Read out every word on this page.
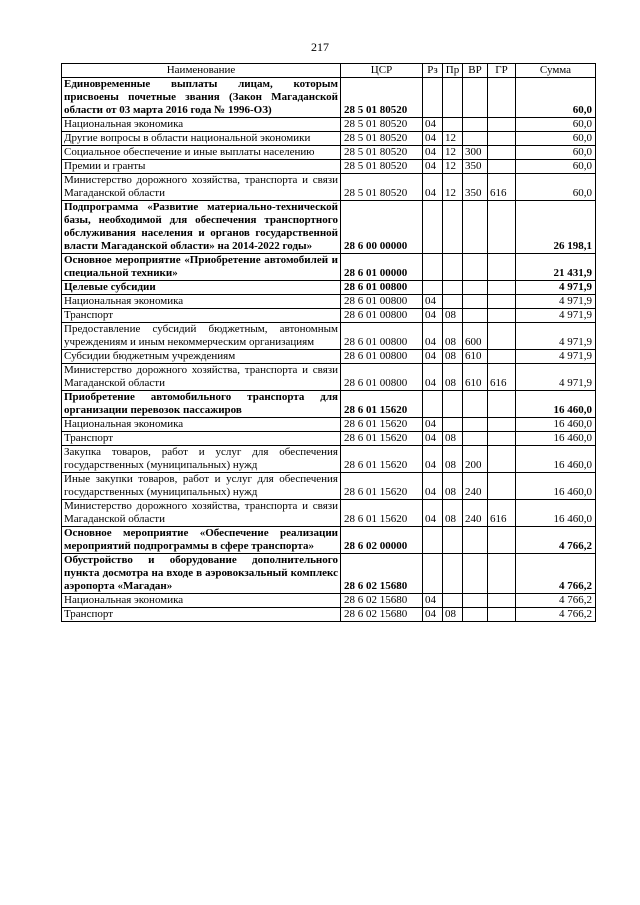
217
Наименование	ЦСР	Рз	Пр	ВР	ГР	Сумма
Единовременные выплаты лицам, которым присвоены почетные звания (Закон Магаданской области от 03 марта 2016 года № 1996-ОЗ)	28 5 01 80520					60,0
Национальная экономика	28 5 01 80520	04				60,0
Другие вопросы в области национальной экономики	28 5 01 80520	04	12			60,0
Социальное обеспечение и иные выплаты населению	28 5 01 80520	04	12	300		60,0
Премии и гранты	28 5 01 80520	04	12	350		60,0
Министерство дорожного хозяйства, транспорта и связи Магаданской области	28 5 01 80520	04	12	350	616	60,0
Подпрограмма «Развитие материально-технической базы, необходимой для обеспечения транспортного обслуживания населения и органов государственной власти Магаданской области» на 2014-2022 годы»	28 6 00 00000					26 198,1
Основное мероприятие «Приобретение автомобилей и специальной техники»	28 6 01 00000					21 431,9
Целевые субсидии	28 6 01 00800					4 971,9
Национальная экономика	28 6 01 00800	04				4 971,9
Транспорт	28 6 01 00800	04	08			4 971,9
Предоставление субсидий бюджетным, автономным учреждениям и иным некоммерческим организациям	28 6 01 00800	04	08	600		4 971,9
Субсидии бюджетным учреждениям	28 6 01 00800	04	08	610		4 971,9
Министерство дорожного хозяйства, транспорта и связи Магаданской области	28 6 01 00800	04	08	610	616	4 971,9
Приобретение автомобильного транспорта для организации перевозок пассажиров	28 6 01 15620					16 460,0
Национальная экономика	28 6 01 15620	04				16 460,0
Транспорт	28 6 01 15620	04	08			16 460,0
Закупка товаров, работ и услуг для обеспечения государственных (муниципальных) нужд	28 6 01 15620	04	08	200		16 460,0
Иные закупки товаров, работ и услуг для обеспечения государственных (муниципальных) нужд	28 6 01 15620	04	08	240		16 460,0
Министерство дорожного хозяйства, транспорта и связи Магаданской области	28 6 01 15620	04	08	240	616	16 460,0
Основное мероприятие «Обеспечение реализации мероприятий подпрограммы в сфере транспорта»	28 6 02 00000					4 766,2
Обустройство и оборудование дополнительного пункта досмотра на входе в аэровокзальный комплекс аэропорта «Магадан»	28 6 02 15680					4 766,2
Национальная экономика	28 6 02 15680	04				4 766,2
Транспорт	28 6 02 15680	04	08			4 766,2
